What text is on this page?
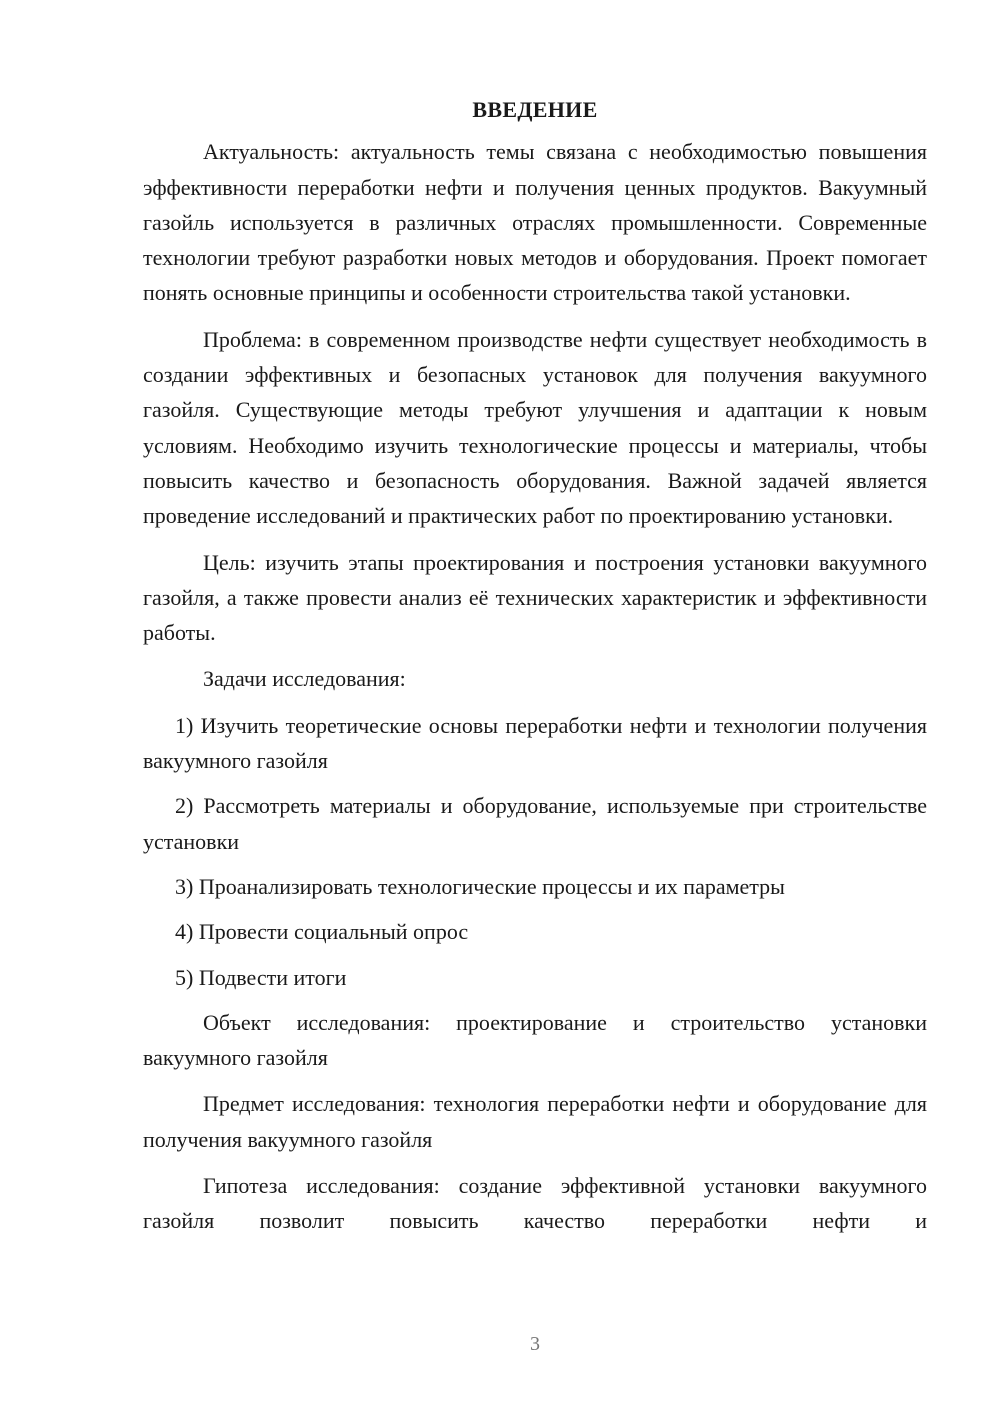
ВВЕДЕНИЕ

Актуальность: актуальность темы связана с необходимостью повышения эффективности переработки нефти и получения ценных продуктов. Вакуумный газойль используется в различных отраслях промышленности. Современные технологии требуют разработки новых методов и оборудования. Проект помогает понять основные принципы и особенности строительства такой установки.

Проблема: в современном производстве нефти существует необходимость в создании эффективных и безопасных установок для получения вакуумного газойля. Существующие методы требуют улучшения и адаптации к новым условиям. Необходимо изучить технологические процессы и материалы, чтобы повысить качество и безопасность оборудования. Важной задачей является проведение исследований и практических работ по проектированию установки.

Цель: изучить этапы проектирования и построения установки вакуумного газойля, а также провести анализ её технических характеристик и эффективности работы.

Задачи исследования:

1) Изучить теоретические основы переработки нефти и технологии получения вакуумного газойля

2) Рассмотреть материалы и оборудование, используемые при строительстве установки

3) Проанализировать технологические процессы и их параметры

4) Провести социальный опрос

5) Подвести итоги

Объект исследования: проектирование и строительство установки вакуумного газойля

Предмет исследования: технология переработки нефти и оборудование для получения вакуумного газойля

Гипотеза исследования: создание эффективной установки вакуумного газойля позволит повысить качество переработки нефти и

3
